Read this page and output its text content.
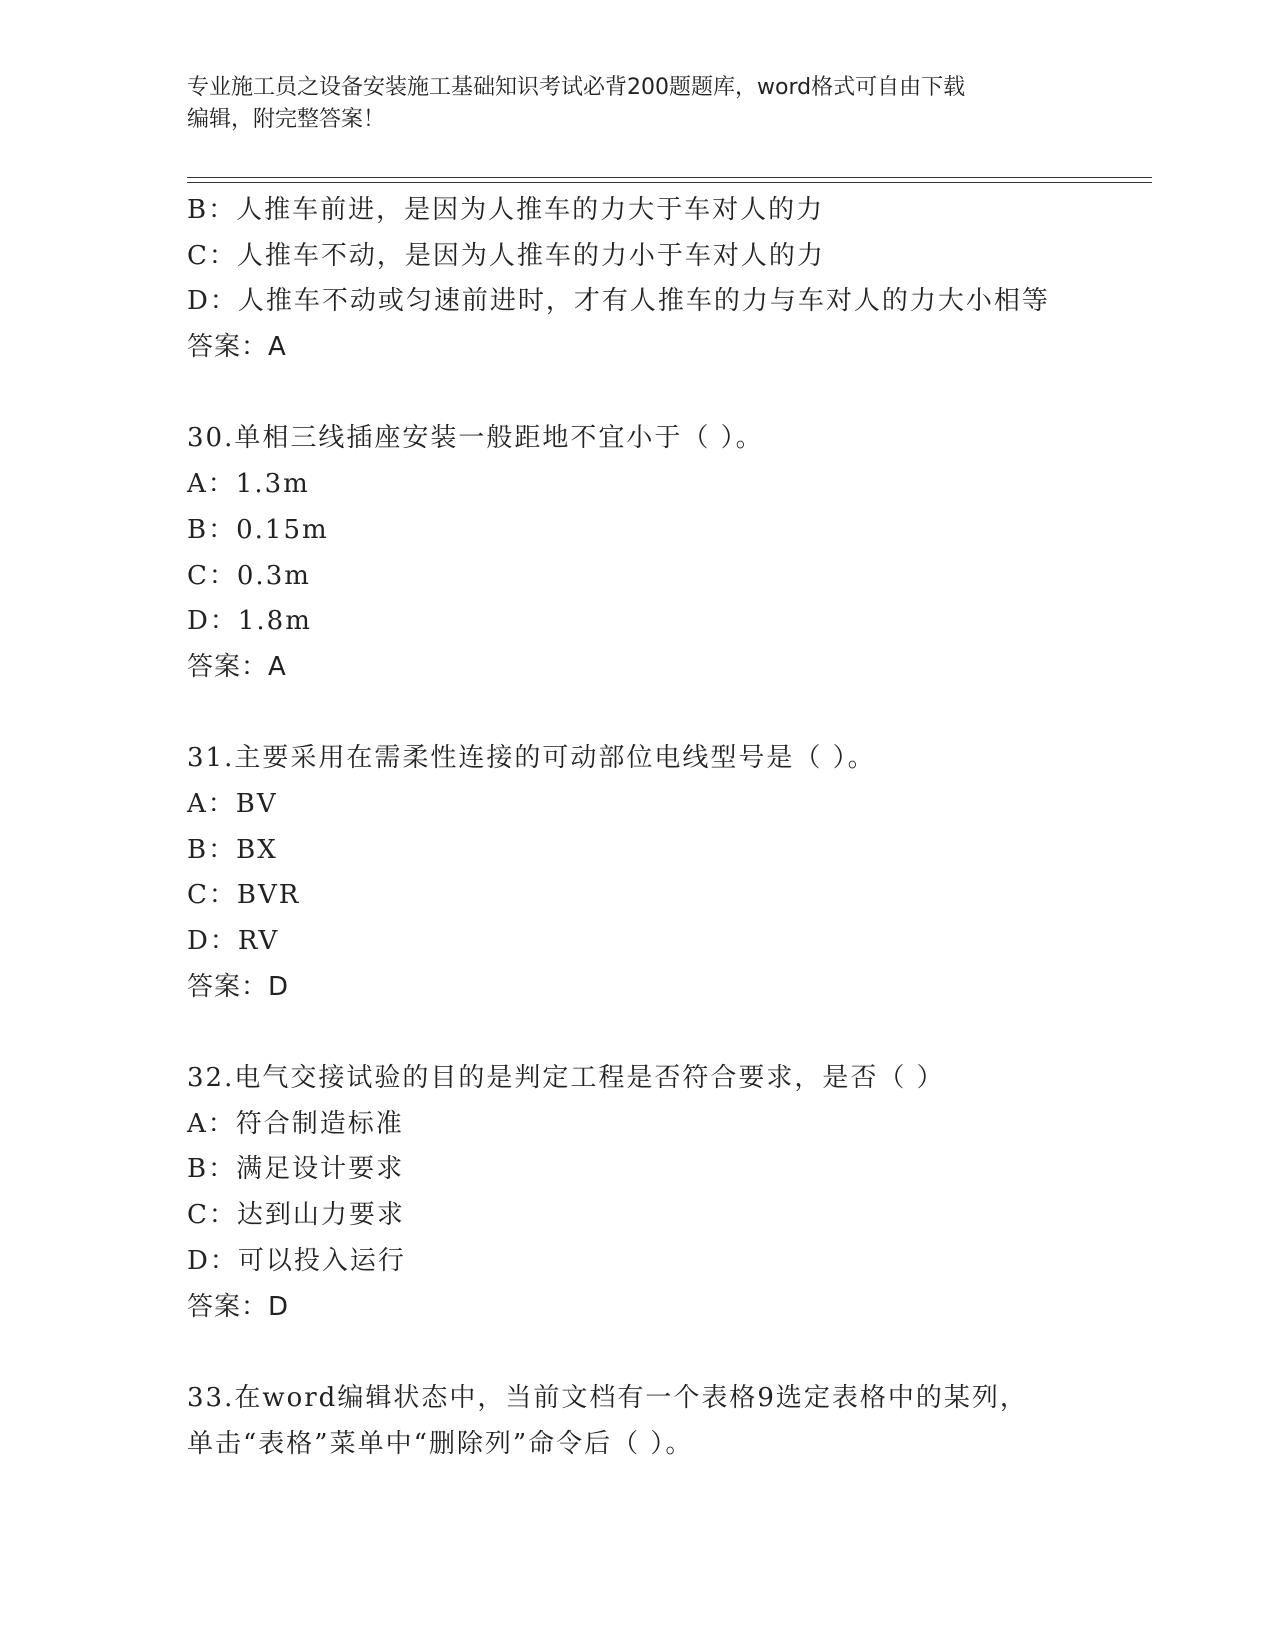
专业施工员之设备安装施工基础知识考试必背200题题库，word格式可自由下载
编辑，附完整答案！
B：人推车前进，是因为人推车的力大于车对人的力
C：人推车不动，是因为人推车的力小于车对人的力
D：人推车不动或匀速前进时，才有人推车的力与车对人的力大小相等
答案：A
30.单相三线插座安装一般距地不宜小于（ ）。
A：1.3m
B：0.15m
C：0.3m
D：1.8m
答案：A
31.主要采用在需柔性连接的可动部位电线型号是（ ）。
A：BV
B：BX
C：BVR
D：RV
答案：D
32.电气交接试验的目的是判定工程是否符合要求，是否（ ）
A：符合制造标准
B：满足设计要求
C：达到山力要求
D：可以投入运行
答案：D
33.在word编辑状态中，当前文档有一个表格9选定表格中的某列，
单击“表格”菜单中“删除列”命令后（ ）。
